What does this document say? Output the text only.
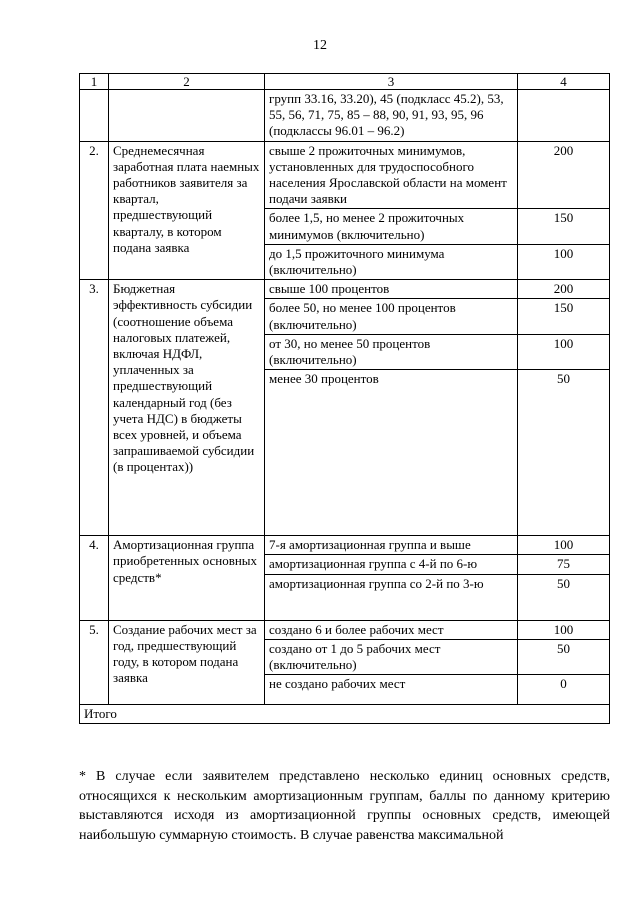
12
1	2	3	4
		групп 33.16, 33.20), 45 (подкласс 45.2), 53, 55, 56, 71, 75, 85 – 88, 90, 91, 93, 95, 96 (подклассы 96.01 – 96.2)	
2.	Среднемесячная заработная плата наемных работников заявителя за квартал, предшествующий кварталу, в котором подана заявка	свыше 2 прожиточных минимумов, установленных для трудоспособного населения Ярославской области на момент подачи заявки	200
		более 1,5, но менее 2 прожиточных минимумов (включительно)	150
		до 1,5 прожиточного минимума (включительно)	100
3.	Бюджетная эффективность субсидии (соотношение объема налоговых платежей, включая НДФЛ, уплаченных за предшествующий календарный год (без учета НДС) в бюджеты всех уровней, и объема запрашиваемой субсидии (в процентах))	свыше 100 процентов	200
		более 50, но менее 100 процентов (включительно)	150
		от 30, но менее 50 процентов (включительно)	100
		менее 30 процентов	50
4.	Амортизационная группа приобретенных основных средств*	7-я амортизационная группа и выше	100
		амортизационная группа с 4-й по 6-ю	75
		амортизационная группа со 2-й по 3-ю	50
5.	Создание рабочих мест за год, предшествующий году, в котором подана заявка	создано 6 и более рабочих мест	100
		создано от 1 до 5 рабочих мест (включительно)	50
		не создано рабочих мест	0
Итого			
* В случае если заявителем представлено несколько единиц основных средств, относящихся к нескольким амортизационным группам, баллы по данному критерию выставляются исходя из амортизационной группы основных средств, имеющей наибольшую суммарную стоимость. В случае равенства максимальной
